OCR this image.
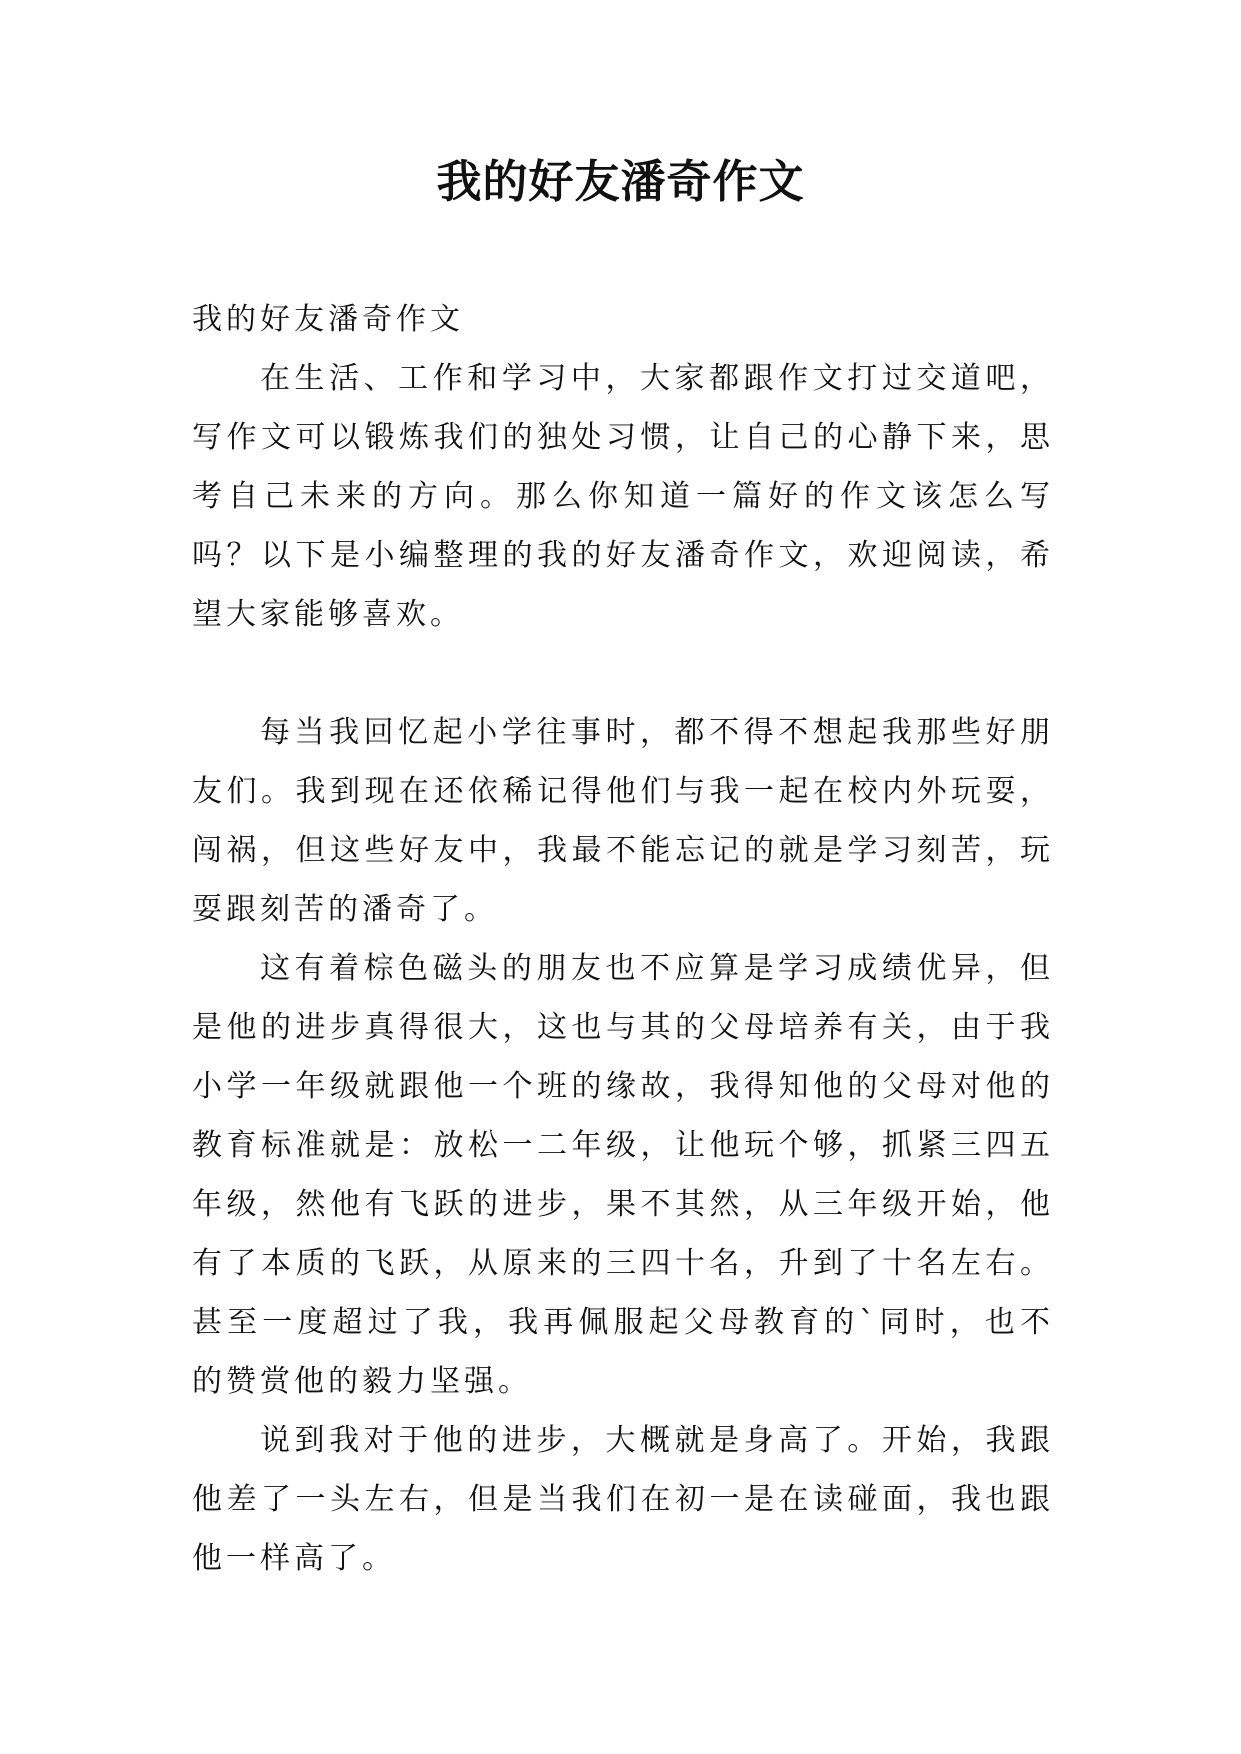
我的好友潘奇作文

我的好友潘奇作文

在生活、工作和学习中，大家都跟作文打过交道吧，写作文可以锻炼我们的独处习惯，让自己的心静下来，思考自己未来的方向。那么你知道一篇好的作文该怎么写吗？以下是小编整理的我的好友潘奇作文，欢迎阅读，希望大家能够喜欢。

每当我回忆起小学往事时，都不得不想起我那些好朋友们。我到现在还依稀记得他们与我一起在校内外玩耍，闯祸，但这些好友中，我最不能忘记的就是学习刻苦，玩耍跟刻苦的潘奇了。

这有着棕色磁头的朋友也不应算是学习成绩优异，但是他的进步真得很大，这也与其的父母培养有关，由于我小学一年级就跟他一个班的缘故，我得知他的父母对他的教育标准就是：放松一二年级，让他玩个够，抓紧三四五年级，然他有飞跃的进步，果不其然，从三年级开始，他有了本质的飞跃，从原来的三四十名，升到了十名左右。甚至一度超过了我，我再佩服起父母教育的`同时，也不的赞赏他的毅力坚强。

说到我对于他的进步，大概就是身高了。开始，我跟他差了一头左右，但是当我们在初一是在读碰面，我也跟他一样高了。
